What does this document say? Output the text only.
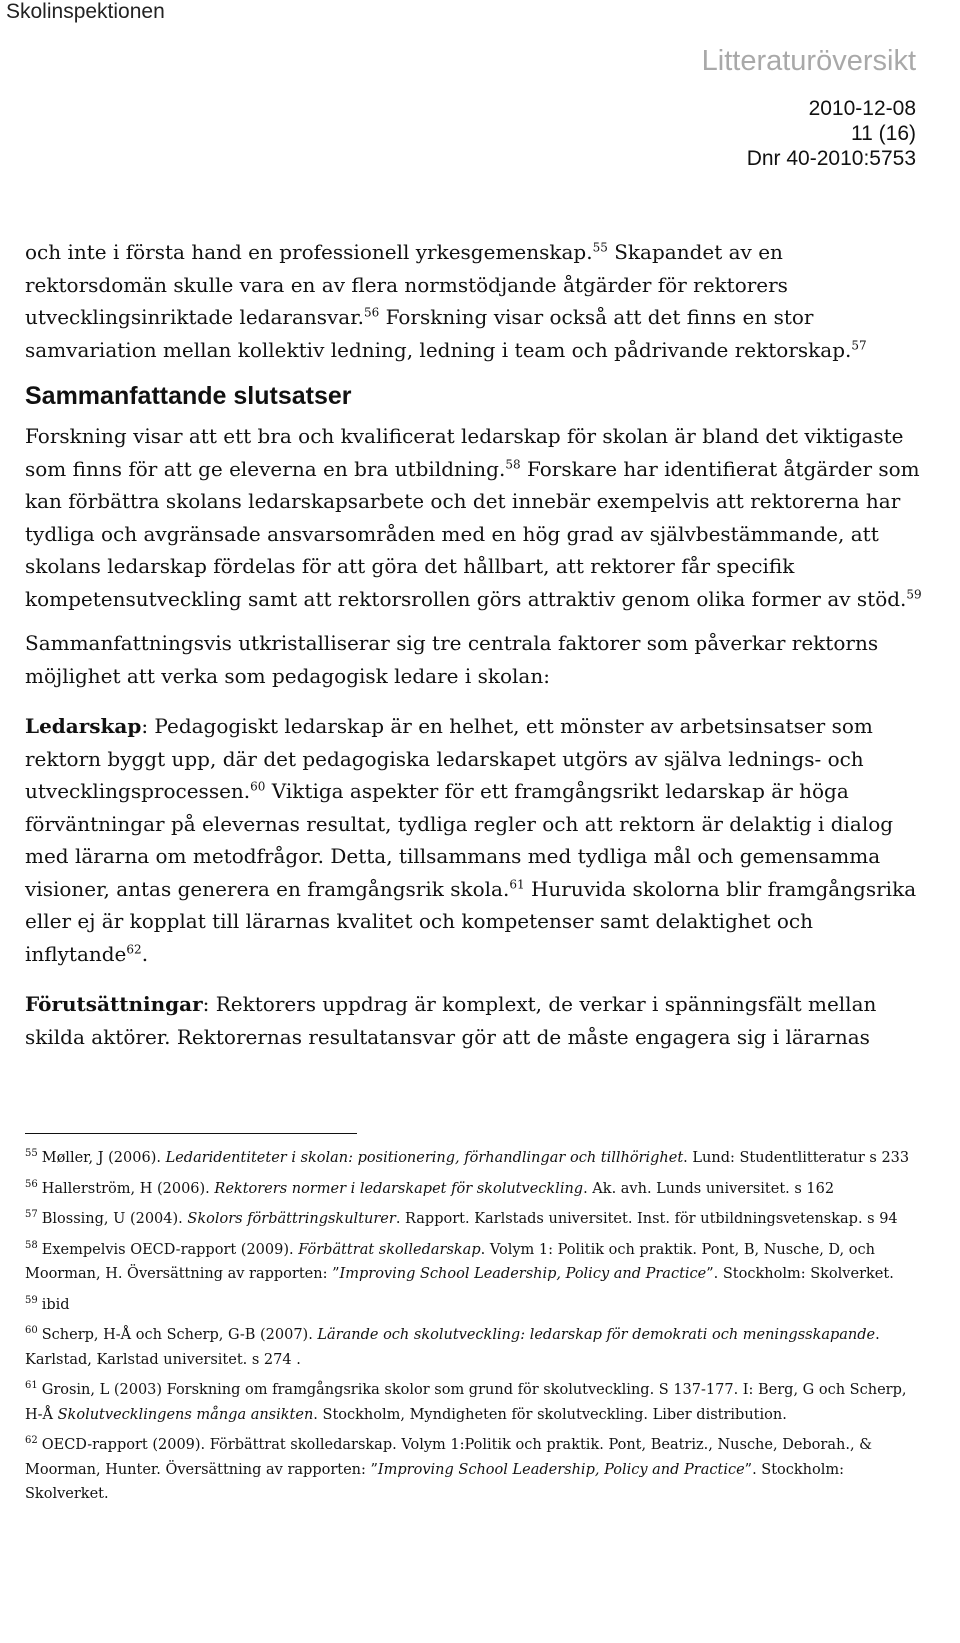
Skolinspektionen
Litteraturöversikt
2010-12-08
11 (16)
Dnr 40-2010:5753

och inte i första hand en professionell yrkesgemenskap.$^{55}$ Skapandet av en rektorsdomän skulle vara en av flera normstödjande åtgärder för rektorers utvecklingsinriktade ledaransvar.$^{56}$ Forskning visar också att det finns en stor samvariation mellan kollektiv ledning, ledning i team och pådrivande rektorskap.$^{57}$

Sammanfattande slutsatser

Forskning visar att ett bra och kvalificerat ledarskap för skolan är bland det viktigaste som finns för att ge eleverna en bra utbildning.$^{58}$ Forskare har identifierat åtgärder som kan förbättra skolans ledarskapsarbete och det innebär exempelvis att rektorerna har tydliga och avgränsade ansvarsområden med en hög grad av självbestämmande, att skolans ledarskap fördelas för att göra det hållbart, att rektorer får specifik kompetensutveckling samt att rektorsrollen görs attraktiv genom olika former av stöd.$^{59}$

Sammanfattningsvis utkristalliserar sig tre centrala faktorer som påverkar rektorns möjlighet att verka som pedagogisk ledare i skolan:

Ledarskap: Pedagogiskt ledarskap är en helhet, ett mönster av arbetsinsatser som rektorn byggt upp, där det pedagogiska ledarskapet utgörs av själva lednings- och utvecklingsprocessen.$^{60}$ Viktiga aspekter för ett framgångsrikt ledarskap är höga förväntningar på elevernas resultat, tydliga regler och att rektorn är delaktig i dialog med lärarna om metodfrågor. Detta, tillsammans med tydliga mål och gemensamma visioner, antas generera en framgångsrik skola.$^{61}$ Huruvida skolorna blir framgångsrika eller ej är kopplat till lärarnas kvalitet och kompetenser samt delaktighet och inflytande$^{62}$.

Förutsättningar: Rektorers uppdrag är komplext, de verkar i spänningsfält mellan skilda aktörer. Rektorernas resultatansvar gör att de måste engagera sig i lärarnas

$^{55}$ Møller, J (2006). Ledaridentiteter i skolan: positionering, förhandlingar och tillhörighet. Lund: Studentlitteratur s 233
$^{56}$ Hallerström, H (2006). Rektorers normer i ledarskapet för skolutveckling. Ak. avh. Lunds universitet. s 162
$^{57}$ Blossing, U (2004). Skolors förbättringskulturer. Rapport. Karlstads universitet. Inst. för utbildningsvetenskap. s 94
$^{58}$ Exempelvis OECD-rapport (2009). Förbättrat skolledarskap. Volym 1: Politik och praktik. Pont, B, Nusche, D, och Moorman, H. Översättning av rapporten: ”Improving School Leadership, Policy and Practice”. Stockholm: Skolverket.
$^{59}$ ibid
$^{60}$ Scherp, H-Å och Scherp, G-B (2007). Lärande och skolutveckling: ledarskap för demokrati och meningsskapande. Karlstad, Karlstad universitet. s 274 .
$^{61}$ Grosin, L (2003) Forskning om framgångsrika skolor som grund för skolutveckling. S 137-177. I: Berg, G och Scherp, H-Å Skolutvecklingens många ansikten. Stockholm, Myndigheten för skolutveckling. Liber distribution.
$^{62}$ OECD-rapport (2009). Förbättrat skolledarskap. Volym 1:Politik och praktik. Pont, Beatriz., Nusche, Deborah., & Moorman, Hunter. Översättning av rapporten: ”Improving School Leadership, Policy and Practice”. Stockholm: Skolverket.
